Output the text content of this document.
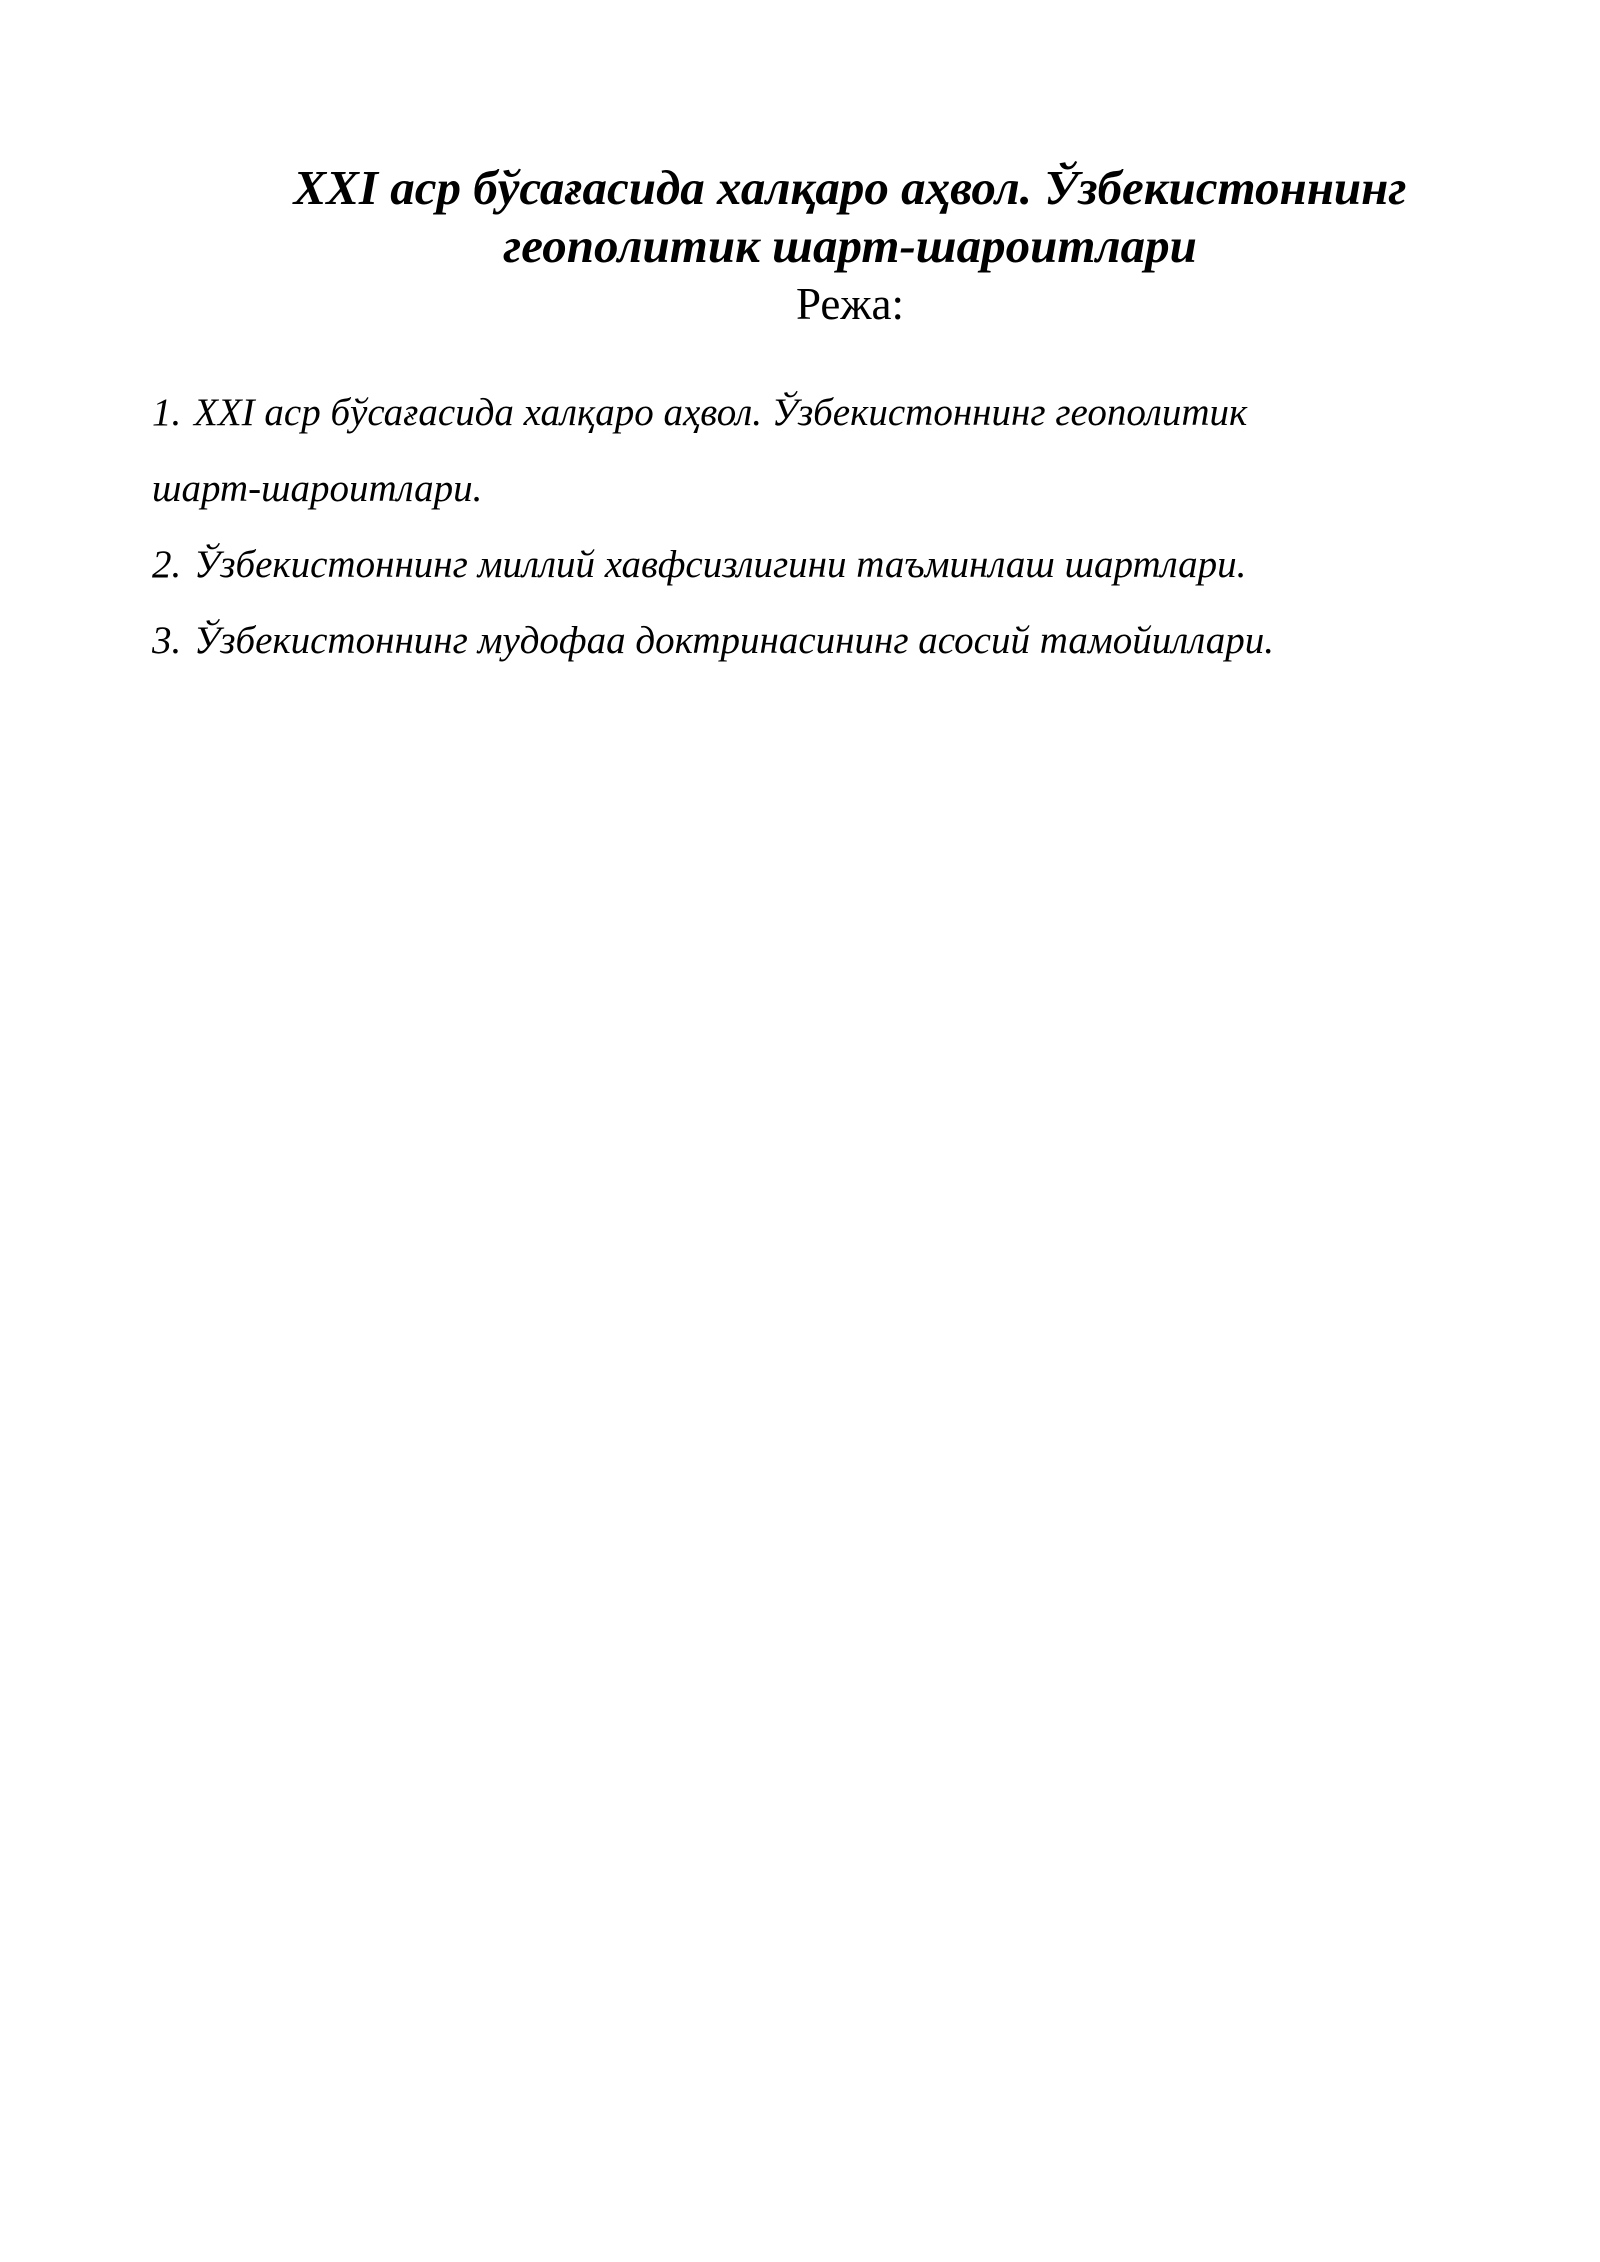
XXI аср бўсағасида халқаро аҳвол. Ўзбекистоннинг
геополитик шарт-шароитлари

Режа:

1. XXI аср бўсағасида халқаро аҳвол. Ўзбекистоннинг геополитик
шарт-шароитлари.
2. Ўзбекистоннинг миллий хавфсизлигини таъминлаш шартлари.
3. Ўзбекистоннинг мудофаа доктринасининг асосий тамойиллари.
